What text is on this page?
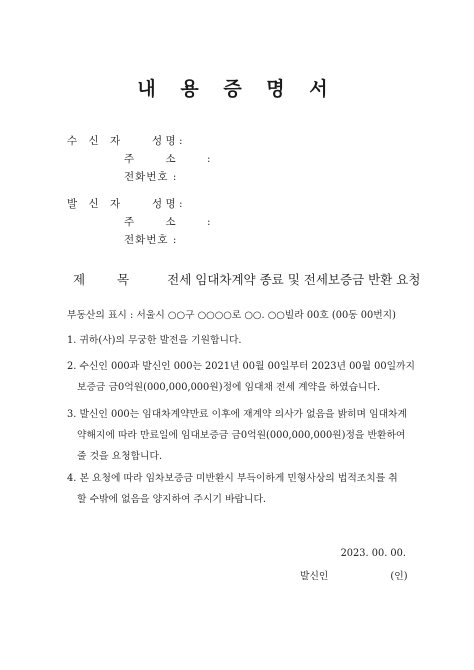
내 용 증 명 서
수 신 자	성 명 :
주 소 :
전화번호 :
발 신 자	성 명 :
주 소 :
전화번호 :
제 목 전세 임대차계약 종료 및 전세보증금 반환 요청
부동산의 표시 : 서울시 ○○구 ○○○○로 ○○. ○○빌라 00호 (00동 00번지)
1. 귀하(사)의 무궁한 발전을 기원합니다.
2. 수신인 000과 발신인 000는 2021년 00월 00일부터 2023년 00월 00일까지
보증금 금0억원(000,000,000원)정에 임대채 전세 계약을 하였습니다.
3. 발신인 000는 임대차계약만료 이후에 재계약 의사가 없음을 밝히며 임대차계
약해지에 따라 만료일에 임대보증금 금0억원(000,000,000원)정을 반환하여
줄 것을 요청합니다.
4. 본 요청에 따라 임차보증금 미반환시 부득이하게 민형사상의 법적조치를 취
할 수밖에 없음을 양지하여 주시기 바랍니다.
2023. 00. 00.
발신인	(인)
